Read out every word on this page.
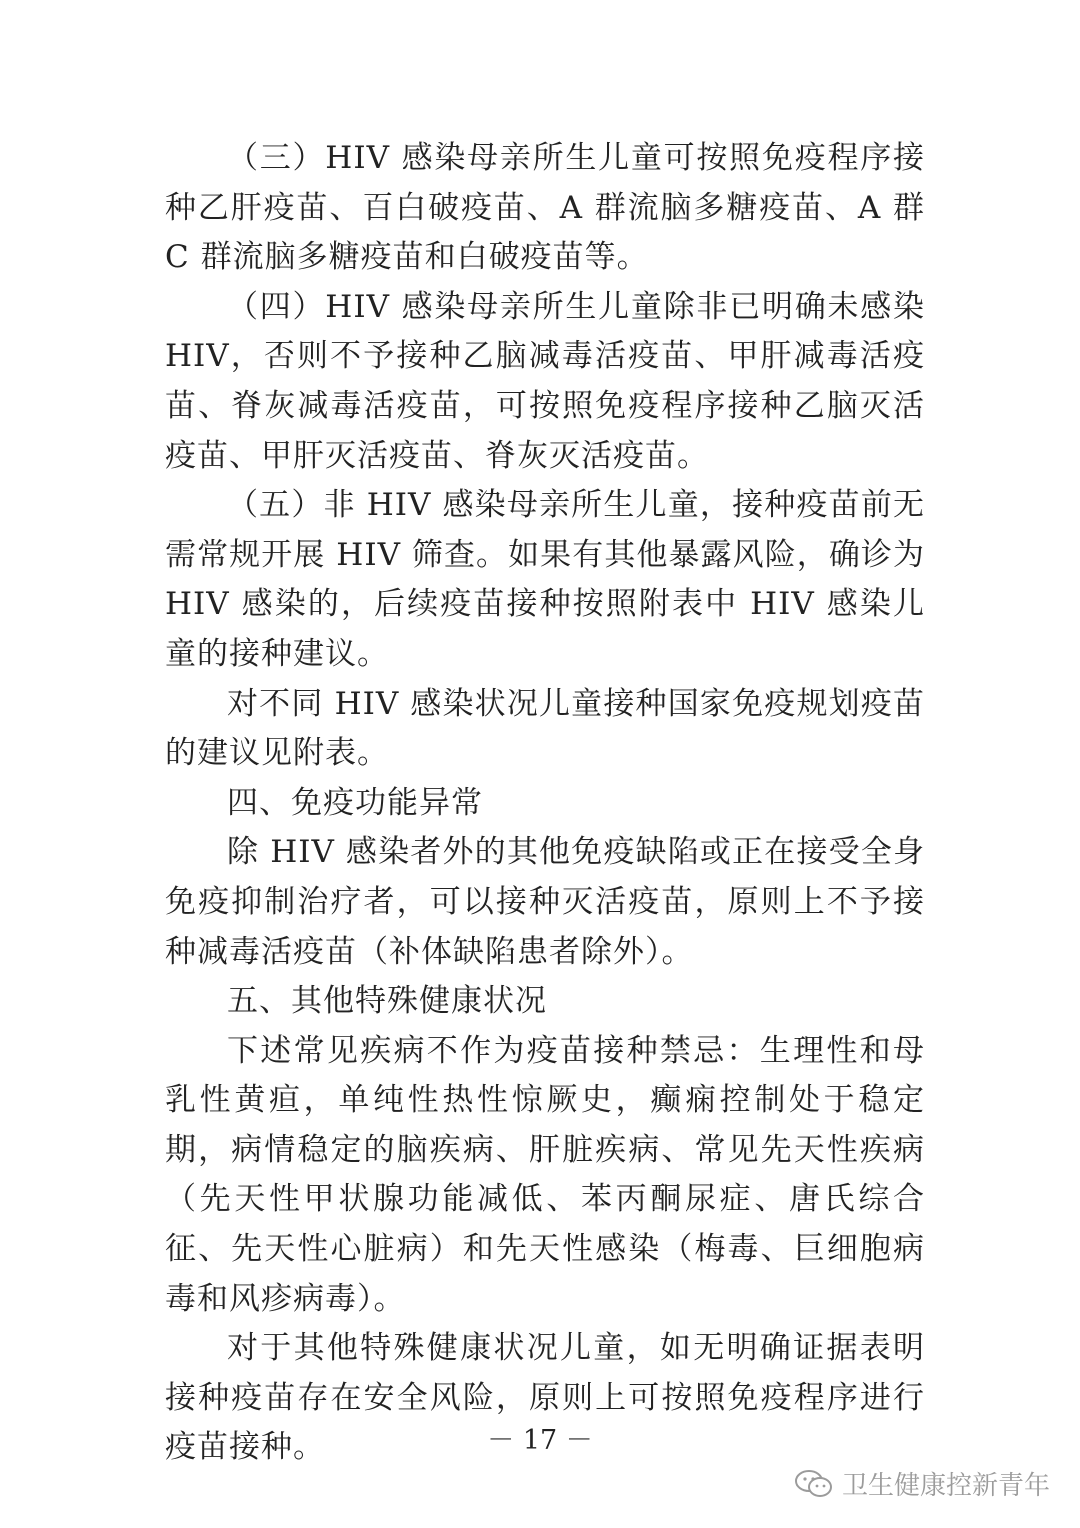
（三）HIV 感染母亲所生儿童可按照免疫程序接种乙肝疫苗、百白破疫苗、A 群流脑多糖疫苗、A 群 C 群流脑多糖疫苗和白破疫苗等。

（四）HIV 感染母亲所生儿童除非已明确未感染 HIV，否则不予接种乙脑减毒活疫苗、甲肝减毒活疫苗、脊灰减毒活疫苗，可按照免疫程序接种乙脑灭活疫苗、甲肝灭活疫苗、脊灰灭活疫苗。

（五）非 HIV 感染母亲所生儿童，接种疫苗前无需常规开展 HIV 筛查。如果有其他暴露风险，确诊为 HIV 感染的，后续疫苗接种按照附表中 HIV 感染儿童的接种建议。

对不同 HIV 感染状况儿童接种国家免疫规划疫苗的建议见附表。

四、免疫功能异常

除 HIV 感染者外的其他免疫缺陷或正在接受全身免疫抑制治疗者，可以接种灭活疫苗，原则上不予接种减毒活疫苗（补体缺陷患者除外）。

五、其他特殊健康状况

下述常见疾病不作为疫苗接种禁忌：生理性和母乳性黄疸，单纯性热性惊厥史，癫痫控制处于稳定期，病情稳定的脑疾病、肝脏疾病、常见先天性疾病（先天性甲状腺功能减低、苯丙酮尿症、唐氏综合征、先天性心脏病）和先天性感染（梅毒、巨细胞病毒和风疹病毒）。

对于其他特殊健康状况儿童，如无明确证据表明接种疫苗存在安全风险，原则上可按照免疫程序进行疫苗接种。	－ 17 －
卫生健康控新青年
